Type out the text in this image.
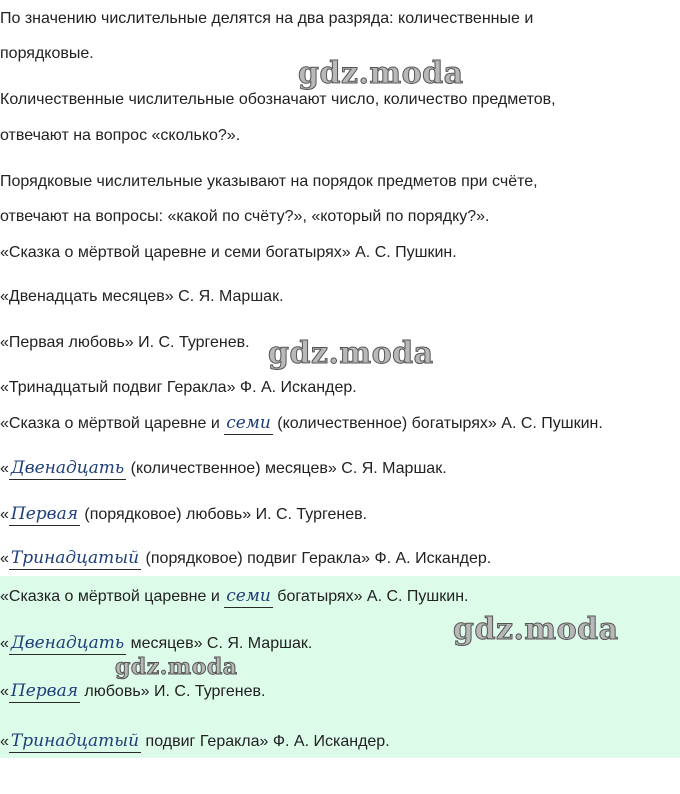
По значению числительные делятся на два разряда: количественные и
порядковые.
Количественные числительные обозначают число, количество предметов,
отвечают на вопрос «сколько?».
Порядковые числительные указывают на порядок предметов при счёте,
отвечают на вопросы: «какой по счёту?», «который по порядку?».
«Сказка о мёртвой царевне и семи богатырях» А. С. Пушкин.
«Двенадцать месяцев» С. Я. Маршак.
«Первая любовь» И. С. Тургенев.
«Тринадцатый подвиг Геракла» Ф. А. Искандер.
«Сказка о мёртвой царевне и семи (количественное) богатырях» А. С. Пушкин.
« Двенадцать (количественное) месяцев» С. Я. Маршак.
« Первая (порядковое) любовь» И. С. Тургенев.
« Тринадцатый (порядковое) подвиг Геракла» Ф. А. Искандер.
«Сказка о мёртвой царевне и семи богатырях» А. С. Пушкин.
« Двенадцать месяцев» С. Я. Маршак.
« Первая любовь» И. С. Тургенев.
« Тринадцатый подвиг Геракла» Ф. А. Искандер.
gdz.moda
gdz.moda
gdz.moda
gdz.moda
